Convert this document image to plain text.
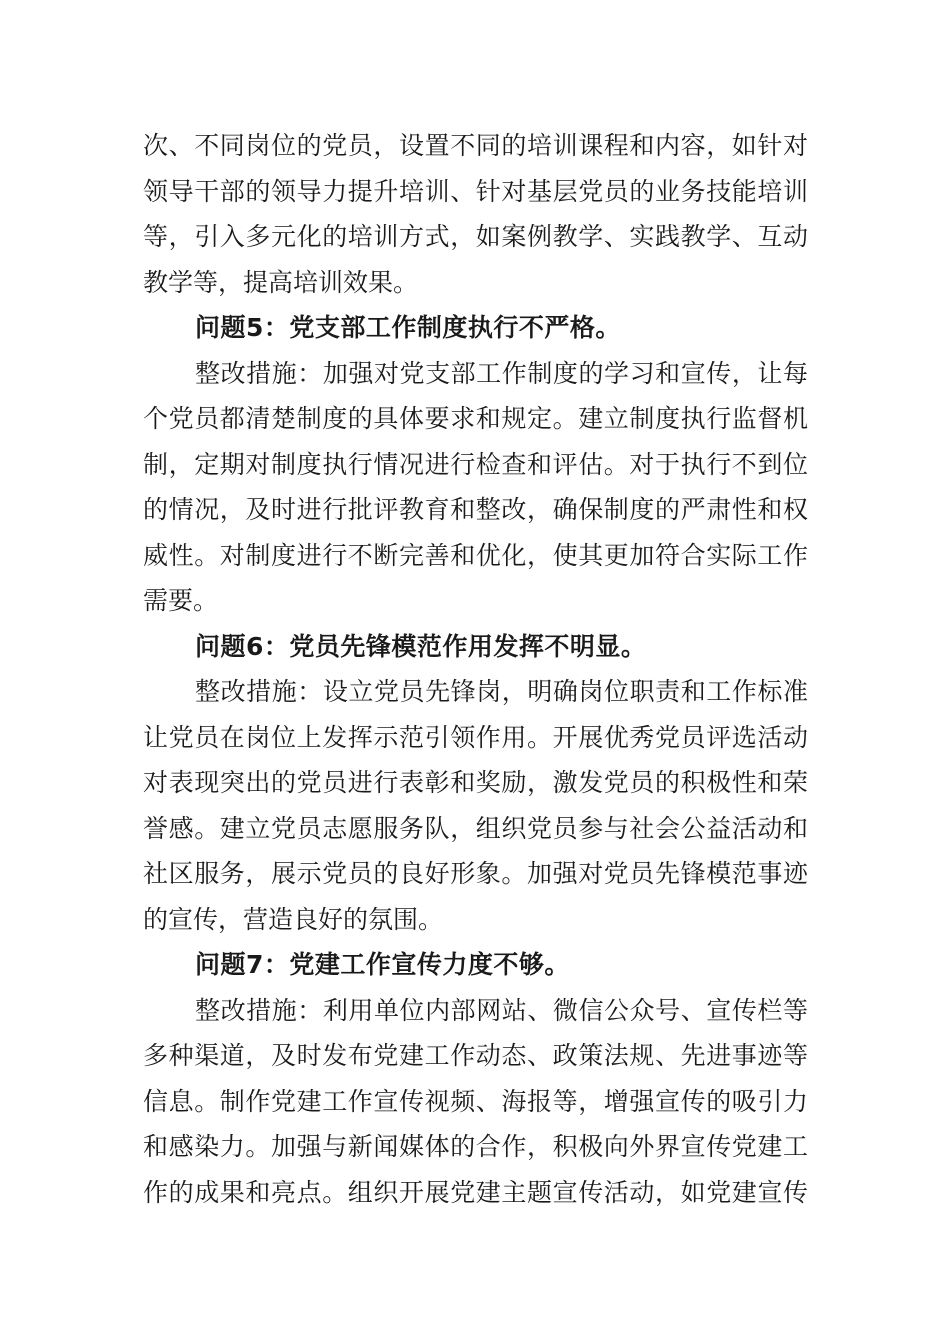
次、不同岗位的党员，设置不同的培训课程和内容，如针对
领导干部的领导力提升培训、针对基层党员的业务技能培训
等，引入多元化的培训方式，如案例教学、实践教学、互动
教学等，提高培训效果。
问题5：党支部工作制度执行不严格。
整改措施：加强对党支部工作制度的学习和宣传，让每
个党员都清楚制度的具体要求和规定。建立制度执行监督机
制，定期对制度执行情况进行检查和评估。对于执行不到位
的情况，及时进行批评教育和整改，确保制度的严肃性和权
威性。对制度进行不断完善和优化，使其更加符合实际工作
需要。
问题6：党员先锋模范作用发挥不明显。
整改措施：设立党员先锋岗，明确岗位职责和工作标准
让党员在岗位上发挥示范引领作用。开展优秀党员评选活动
对表现突出的党员进行表彰和奖励，激发党员的积极性和荣
誉感。建立党员志愿服务队，组织党员参与社会公益活动和
社区服务，展示党员的良好形象。加强对党员先锋模范事迹
的宣传，营造良好的氛围。
问题7：党建工作宣传力度不够。
整改措施：利用单位内部网站、微信公众号、宣传栏等
多种渠道，及时发布党建工作动态、政策法规、先进事迹等
信息。制作党建工作宣传视频、海报等，增强宣传的吸引力
和感染力。加强与新闻媒体的合作，积极向外界宣传党建工
作的成果和亮点。组织开展党建主题宣传活动，如党建宣传
